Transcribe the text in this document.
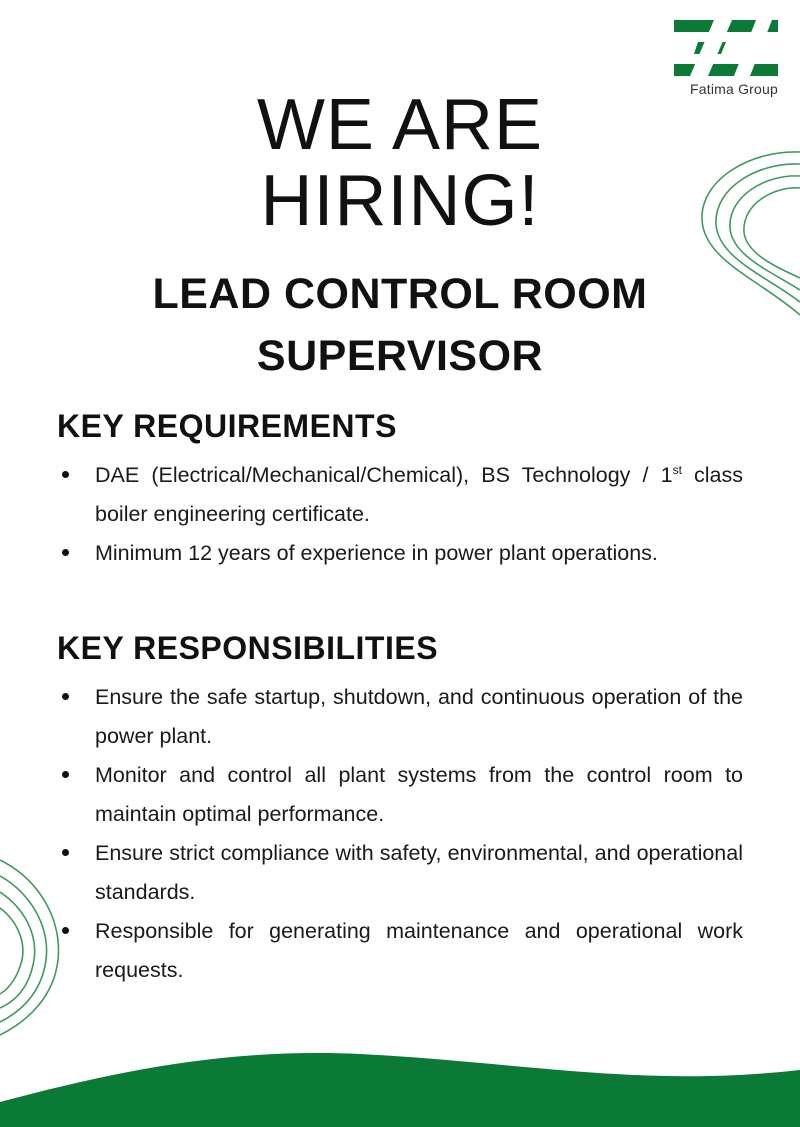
Fatima Group
WE ARE
HIRING!
LEAD CONTROL ROOM
SUPERVISOR
KEY REQUIREMENTS
DAE (Electrical/Mechanical/Chemical), BS Technology / 1st class boiler engineering certificate.
Minimum 12 years of experience in power plant operations.
KEY RESPONSIBILITIES
Ensure the safe startup, shutdown, and continuous operation of the power plant.
Monitor and control all plant systems from the control room to maintain optimal performance.
Ensure strict compliance with safety, environmental, and operational standards.
Responsible for generating maintenance and operational work requests.
